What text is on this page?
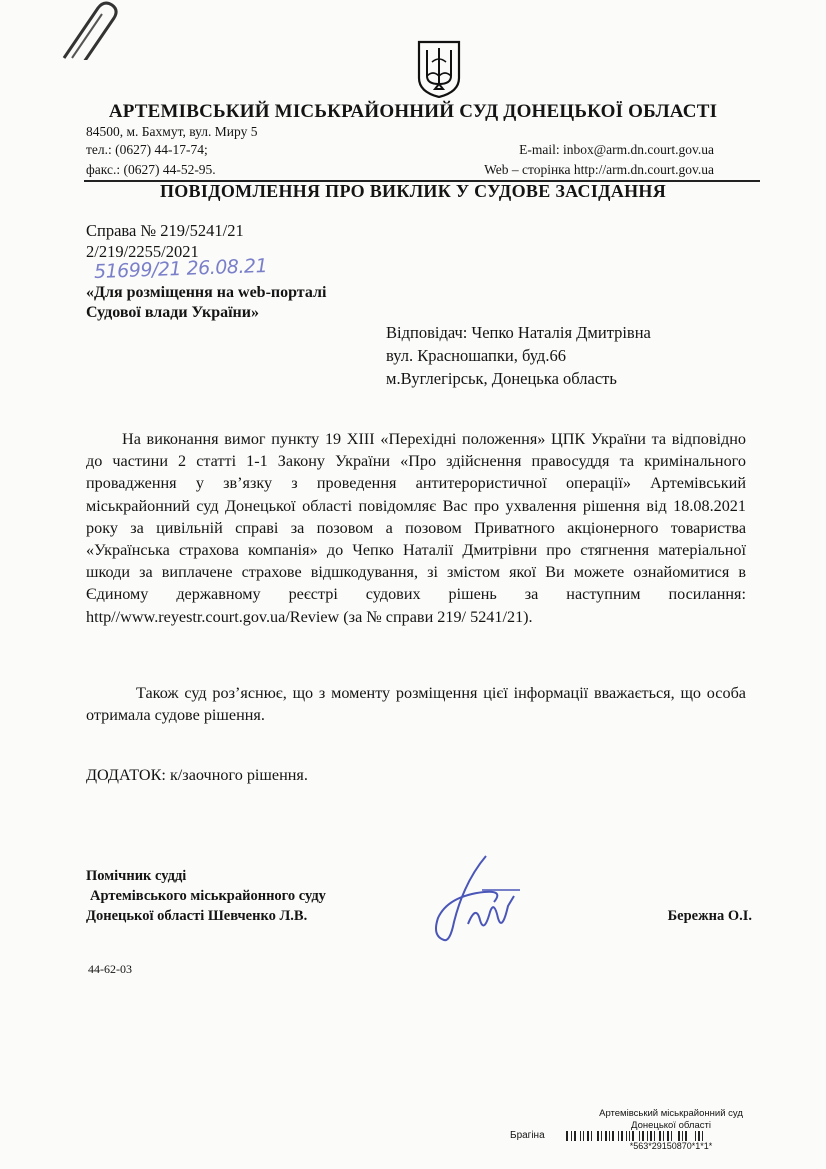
АРТЕМІВСЬКИЙ МІСЬКРАЙОННИЙ СУД ДОНЕЦЬКОЇ ОБЛАСТІ
84500, м. Бахмут, вул. Миру 5
тел.: (0627) 44-17-74;
факс.: (0627) 44-52-95.
E-mail: inbox@arm.dn.court.gov.ua
Web – сторінка http://arm.dn.court.gov.ua
ПОВІДОМЛЕННЯ ПРО ВИКЛИК У СУДОВЕ ЗАСІДАННЯ
Справа № 219/5241/21
2/219/2255/2021
51699/21 26.08.21
«Для розміщення на web-порталі
Судової влади України»
Відповідач: Чепко Наталія Дмитрівна
вул. Красношапки, буд.66
м.Вуглегірськ, Донецька область
На виконання вимог пункту 19 XIII «Перехідні положення» ЦПК України та відповідно до частини 2 статті 1-1 Закону України «Про здійснення правосуддя та кримінального провадження у зв’язку з проведення антитерористичної операції» Артемівський міськрайонний суд Донецької області повідомляє Вас про ухвалення рішення від 18.08.2021 року за цивільній справі за позовом а позовом Приватного акціонерного товариства «Українська страхова компанія» до Чепко Наталії Дмитрівни про стягнення матеріальної шкоди за виплачене страхове відшкодування, зі змістом якої Ви можете ознайомитися в Єдиному державному реєстрі судових рішень за наступним посилання: http//www.reyestr.court.gov.ua/Review (за № справи 219/ 5241/21).
Також суд роз’яснює, що з моменту розміщення цієї інформації вважається, що особа отримала судове рішення.
ДОДАТОК: к/заочного рішення.
Помічник судді
Артемівського міськрайонного суду
Донецької області Шевченко Л.В.	Бережна О.І.
44-62-03
Артемівський міськрайонний суд
Донецької області
Брагіна
*563*29150870*1*1*
